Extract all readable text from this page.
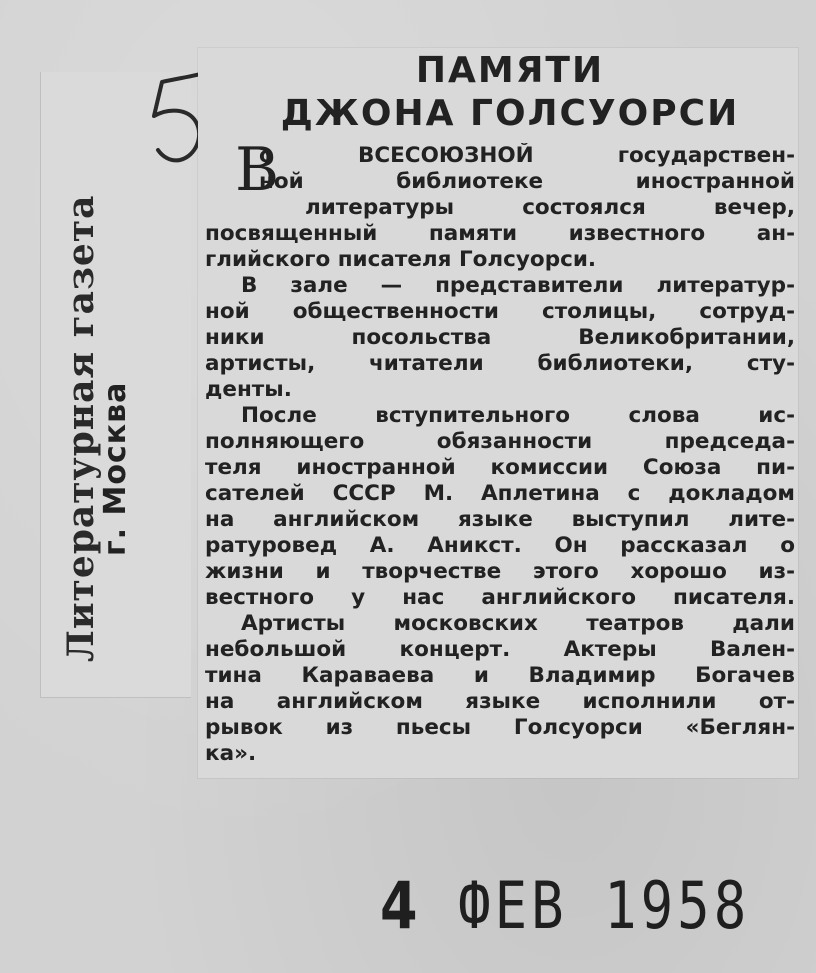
Литературная газета
г. Москва
ПАМЯТИ
ДЖОНА ГОЛСУОРСИ
В
о ВСЕСОЮЗНОЙ государствен-
ной библиотеке иностранной
литературы состоялся вечер,
посвященный памяти известного ан-
глийского писателя Голсуорси.
В зале — представители литератур-
ной общественности столицы, сотруд-
ники посольства Великобритании,
артисты, читатели библиотеки, сту-
денты.
После вступительного слова ис-
полняющего обязанности председа-
теля иностранной комиссии Союза пи-
сателей СССР М. Аплетина с докладом
на английском языке выступил лите-
ратуровед А. Аникст. Он рассказал о
жизни и творчестве этого хорошо из-
вестного у нас английского писателя.
Артисты московских театров дали
небольшой концерт. Актеры Вален-
тина Караваева и Владимир Богачев
на английском языке исполнили от-
рывок из пьесы Голсуорси «Беглян-
ка».
4 ФЕВ 1958
